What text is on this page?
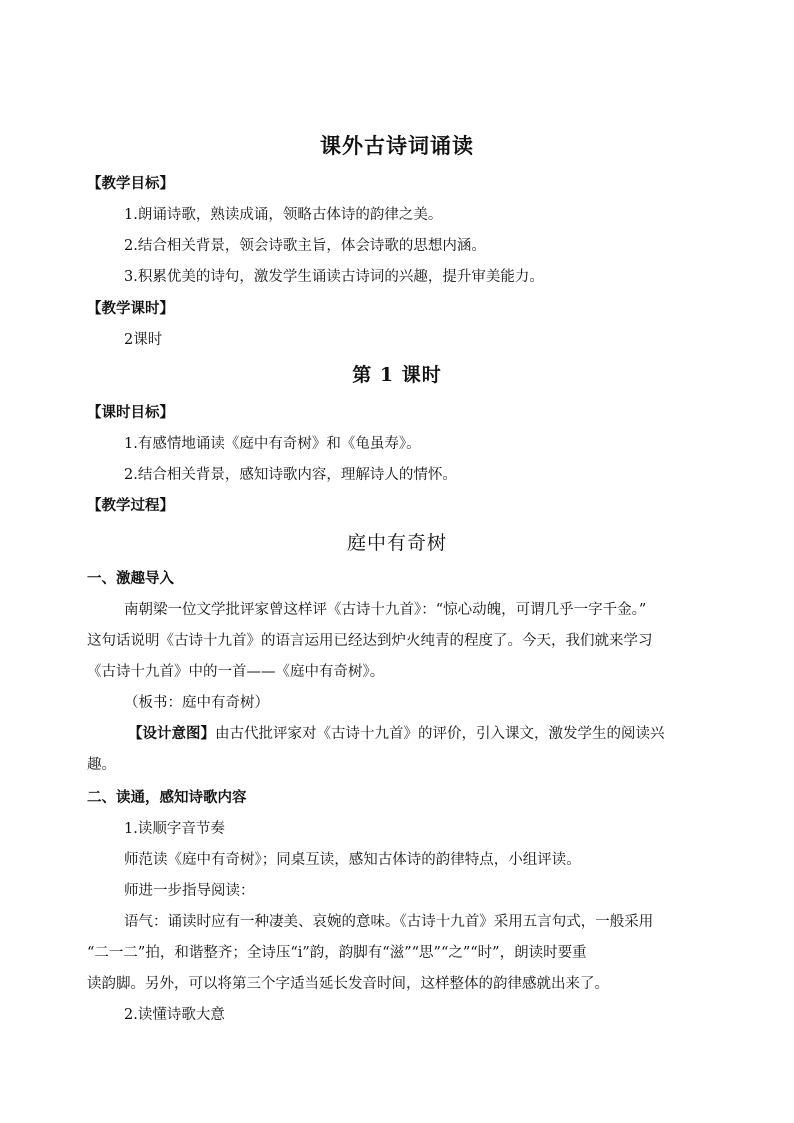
课外古诗词诵读

【教学目标】

1.朗诵诗歌，熟读成诵，领略古体诗的韵律之美。

2.结合相关背景，领会诗歌主旨，体会诗歌的思想内涵。

3.积累优美的诗句，激发学生诵读古诗词的兴趣，提升审美能力。

【教学课时】

2课时

第 1 课时

【课时目标】

1.有感情地诵读《庭中有奇树》和《龟虽寿》。

2.结合相关背景，感知诗歌内容，理解诗人的情怀。

【教学过程】

庭中有奇树

一、激趣导入

南朝梁一位文学批评家曾这样评《古诗十九首》：“惊心动魄，可谓几乎一字千金。”

这句话说明《古诗十九首》的语言运用已经达到炉火纯青的程度了。今天，我们就来学习

《古诗十九首》中的一首——《庭中有奇树》。

（板书：庭中有奇树）

【设计意图】由古代批评家对《古诗十九首》的评价，引入课文，激发学生的阅读兴

趣。

二、读通，感知诗歌内容

1.读顺字音节奏

师范读《庭中有奇树》；同桌互读，感知古体诗的韵律特点，小组评读。

师进一步指导阅读：

语气：诵读时应有一种凄美、哀婉的意味。《古诗十九首》采用五言句式，一般采用

“二一二”拍，和谐整齐；全诗压“i”韵，韵脚有“滋”“思”“之”“时”，朗读时要重

读韵脚。另外，可以将第三个字适当延长发音时间，这样整体的韵律感就出来了。

2.读懂诗歌大意
